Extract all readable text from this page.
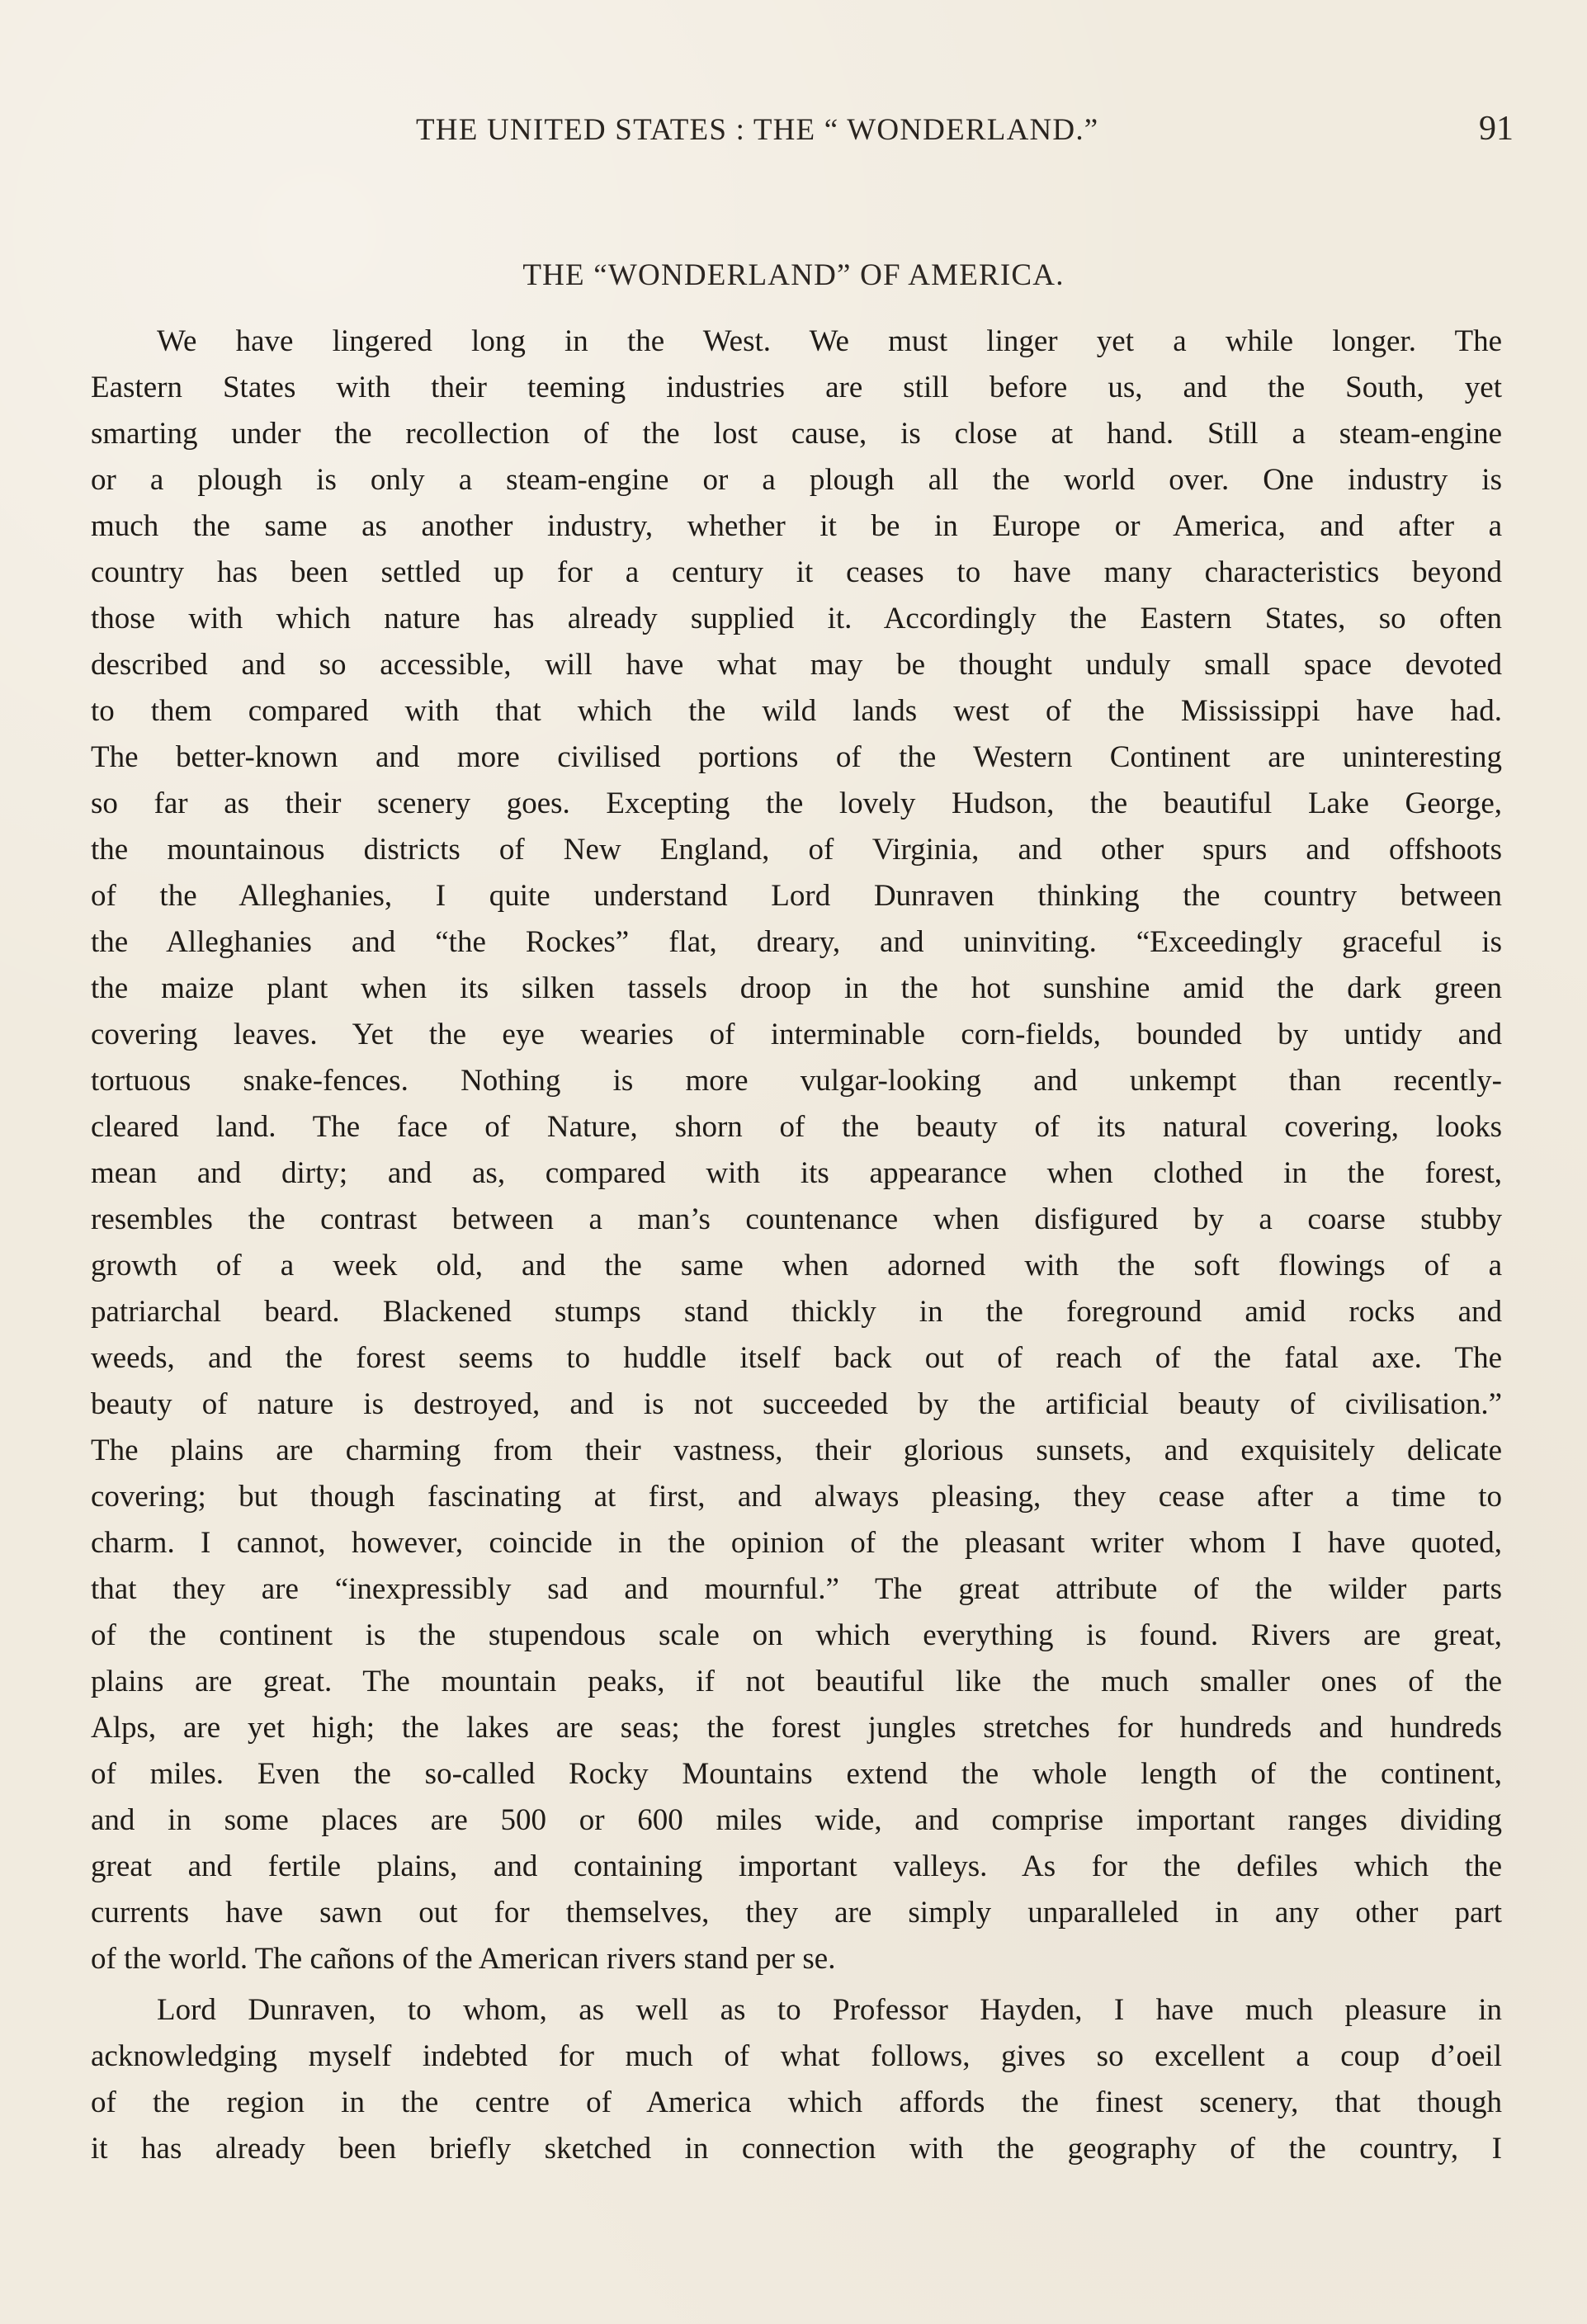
THE UNITED STATES : THE “ WONDERLAND.”	91
THE “WONDERLAND” OF AMERICA.
We have lingered long in the West. We must linger yet a while longer. The
Eastern States with their teeming industries are still before us, and the South, yet
smarting under the recollection of the lost cause, is close at hand. Still a steam-engine
or a plough is only a steam-engine or a plough all the world over. One industry is
much the same as another industry, whether it be in Europe or America, and after a
country has been settled up for a century it ceases to have many characteristics beyond
those with which nature has already supplied it. Accordingly the Eastern States, so often
described and so accessible, will have what may be thought unduly small space devoted
to them compared with that which the wild lands west of the Mississippi have had.
The better-known and more civilised portions of the Western Continent are uninteresting
so far as their scenery goes. Excepting the lovely Hudson, the beautiful Lake George,
the mountainous districts of New England, of Virginia, and other spurs and offshoots
of the Alleghanies, I quite understand Lord Dunraven thinking the country between
the Alleghanies and “the Rockes” flat, dreary, and uninviting. “Exceedingly graceful is
the maize plant when its silken tassels droop in the hot sunshine amid the dark green
covering leaves. Yet the eye wearies of interminable corn-fields, bounded by untidy and
tortuous snake-fences. Nothing is more vulgar-looking and unkempt than recently-
cleared land. The face of Nature, shorn of the beauty of its natural covering, looks
mean and dirty; and as, compared with its appearance when clothed in the forest,
resembles the contrast between a man’s countenance when disfigured by a coarse stubby
growth of a week old, and the same when adorned with the soft flowings of a
patriarchal beard. Blackened stumps stand thickly in the foreground amid rocks and
weeds, and the forest seems to huddle itself back out of reach of the fatal axe. The
beauty of nature is destroyed, and is not succeeded by the artificial beauty of civilisation.”
The plains are charming from their vastness, their glorious sunsets, and exquisitely delicate
covering; but though fascinating at first, and always pleasing, they cease after a time to
charm. I cannot, however, coincide in the opinion of the pleasant writer whom I have quoted,
that they are “inexpressibly sad and mournful.” The great attribute of the wilder parts
of the continent is the stupendous scale on which everything is found. Rivers are great,
plains are great. The mountain peaks, if not beautiful like the much smaller ones of the
Alps, are yet high; the lakes are seas; the forest jungles stretches for hundreds and hundreds
of miles. Even the so-called Rocky Mountains extend the whole length of the continent,
and in some places are 500 or 600 miles wide, and comprise important ranges dividing
great and fertile plains, and containing important valleys. As for the defiles which the
currents have sawn out for themselves, they are simply unparalleled in any other part
of the world. The cañons of the American rivers stand per se.
Lord Dunraven, to whom, as well as to Professor Hayden, I have much pleasure in
acknowledging myself indebted for much of what follows, gives so excellent a coup d’oeil
of the region in the centre of America which affords the finest scenery, that though
it has already been briefly sketched in connection with the geography of the country, I
